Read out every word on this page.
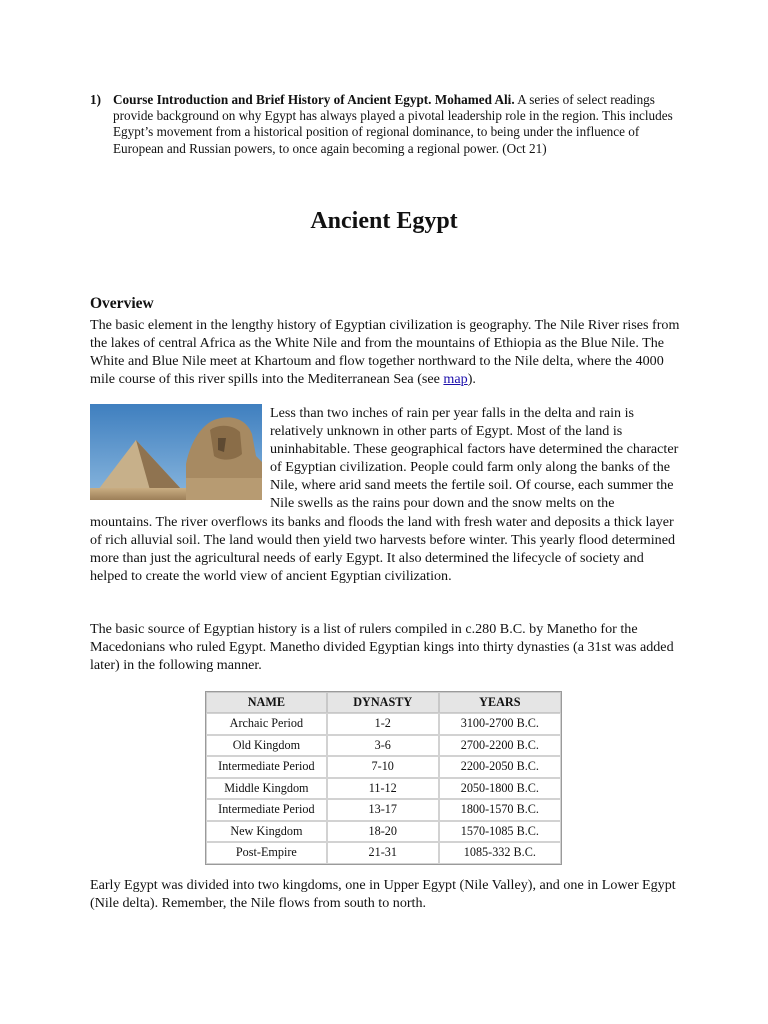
1) Course Introduction and Brief History of Ancient Egypt. Mohamed Ali. A series of select readings provide background on why Egypt has always played a pivotal leadership role in the region. This includes Egypt’s movement from a historical position of regional dominance, to being under the influence of European and Russian powers, to once again becoming a regional power. (Oct 21)
Ancient Egypt
Overview

The basic element in the lengthy history of Egyptian civilization is geography. The Nile River rises from the lakes of central Africa as the White Nile and from the mountains of Ethiopia as the Blue Nile. The White and Blue Nile meet at Khartoum and flow together northward to the Nile delta, where the 4000 mile course of this river spills into the Mediterranean Sea (see map).

Less than two inches of rain per year falls in the delta and rain is relatively unknown in other parts of Egypt. Most of the land is uninhabitable. These geographical factors have determined the character of Egyptian civilization. People could farm only along the banks of the Nile, where arid sand meets the fertile soil. Of course, each summer the Nile swells as the rains pour down and the snow melts on the mountains. The river overflows its banks and floods the land with fresh water and deposits a thick layer of rich alluvial soil. The land would then yield two harvests before winter. This yearly flood determined more than just the agricultural needs of early Egypt. It also determined the lifecycle of society and helped to create the world view of ancient Egyptian civilization.

The basic source of Egyptian history is a list of rulers compiled in c.280 B.C. by Manetho for the Macedonians who ruled Egypt. Manetho divided Egyptian kings into thirty dynasties (a 31st was added later) in the following manner.

NAME	DYNASTY	YEARS
Archaic Period	1-2	3100-2700 B.C.
Old Kingdom	3-6	2700-2200 B.C.
Intermediate Period	7-10	2200-2050 B.C.
Middle Kingdom	11-12	2050-1800 B.C.
Intermediate Period	13-17	1800-1570 B.C.
New Kingdom	18-20	1570-1085 B.C.
Post-Empire	21-31	1085-332 B.C.

Early Egypt was divided into two kingdoms, one in Upper Egypt (Nile Valley), and one in Lower Egypt (Nile delta). Remember, the Nile flows from south to north.
